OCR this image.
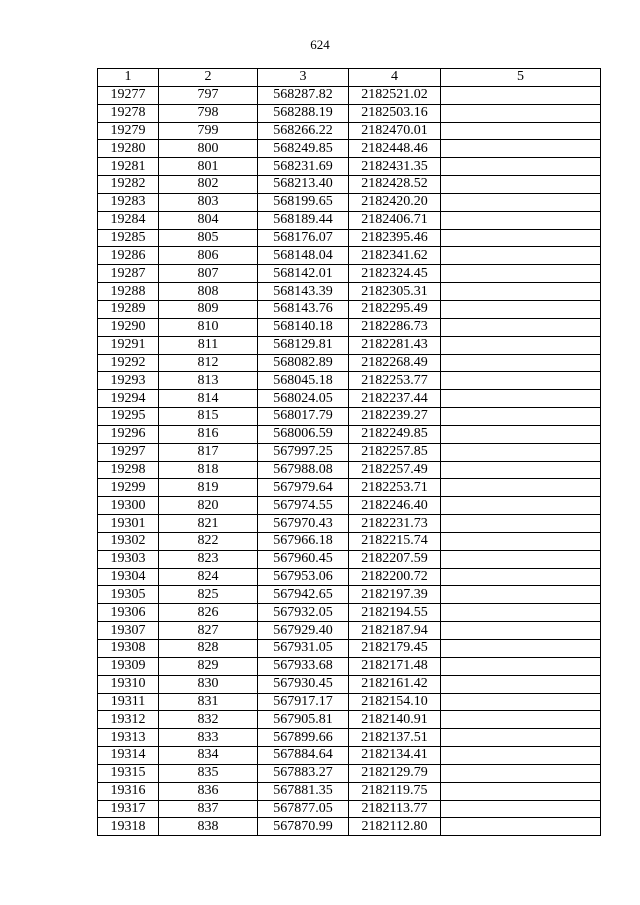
624
1	2	3	4	5
19277	797	568287.82	2182521.02	
19278	798	568288.19	2182503.16	
19279	799	568266.22	2182470.01	
19280	800	568249.85	2182448.46	
19281	801	568231.69	2182431.35	
19282	802	568213.40	2182428.52	
19283	803	568199.65	2182420.20	
19284	804	568189.44	2182406.71	
19285	805	568176.07	2182395.46	
19286	806	568148.04	2182341.62	
19287	807	568142.01	2182324.45	
19288	808	568143.39	2182305.31	
19289	809	568143.76	2182295.49	
19290	810	568140.18	2182286.73	
19291	811	568129.81	2182281.43	
19292	812	568082.89	2182268.49	
19293	813	568045.18	2182253.77	
19294	814	568024.05	2182237.44	
19295	815	568017.79	2182239.27	
19296	816	568006.59	2182249.85	
19297	817	567997.25	2182257.85	
19298	818	567988.08	2182257.49	
19299	819	567979.64	2182253.71	
19300	820	567974.55	2182246.40	
19301	821	567970.43	2182231.73	
19302	822	567966.18	2182215.74	
19303	823	567960.45	2182207.59	
19304	824	567953.06	2182200.72	
19305	825	567942.65	2182197.39	
19306	826	567932.05	2182194.55	
19307	827	567929.40	2182187.94	
19308	828	567931.05	2182179.45	
19309	829	567933.68	2182171.48	
19310	830	567930.45	2182161.42	
19311	831	567917.17	2182154.10	
19312	832	567905.81	2182140.91	
19313	833	567899.66	2182137.51	
19314	834	567884.64	2182134.41	
19315	835	567883.27	2182129.79	
19316	836	567881.35	2182119.75	
19317	837	567877.05	2182113.77	
19318	838	567870.99	2182112.80	
